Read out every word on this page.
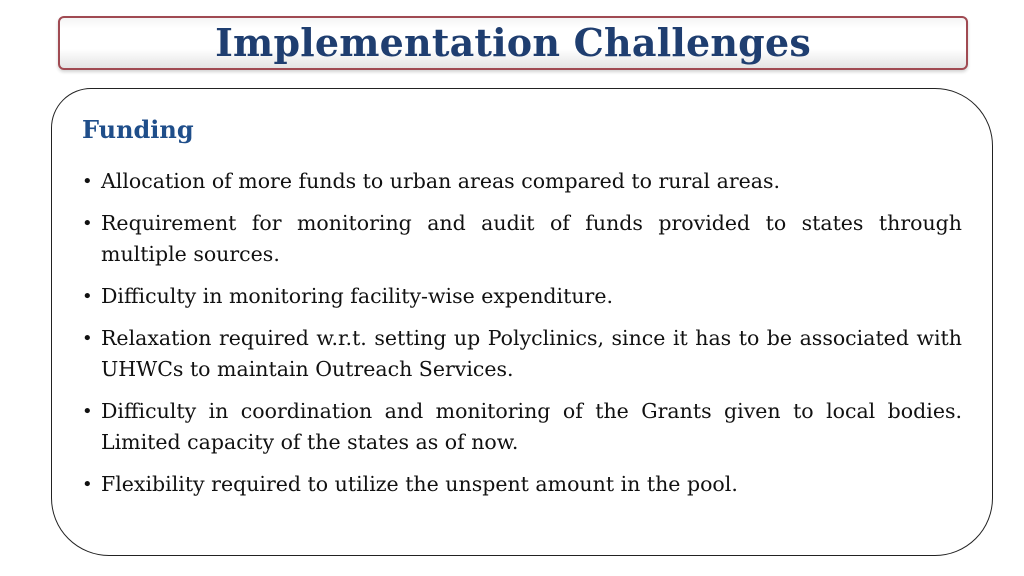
Implementation Challenges
Funding
• Allocation of more funds to urban areas compared to rural areas.
• Requirement for monitoring and audit of funds provided to states through multiple sources.
• Difficulty in monitoring facility-wise expenditure.
• Relaxation required w.r.t. setting up Polyclinics, since it has to be associated with UHWCs to maintain Outreach Services.
• Difficulty in coordination and monitoring of the Grants given to local bodies. Limited capacity of the states as of now.
• Flexibility required to utilize the unspent amount in the pool.
